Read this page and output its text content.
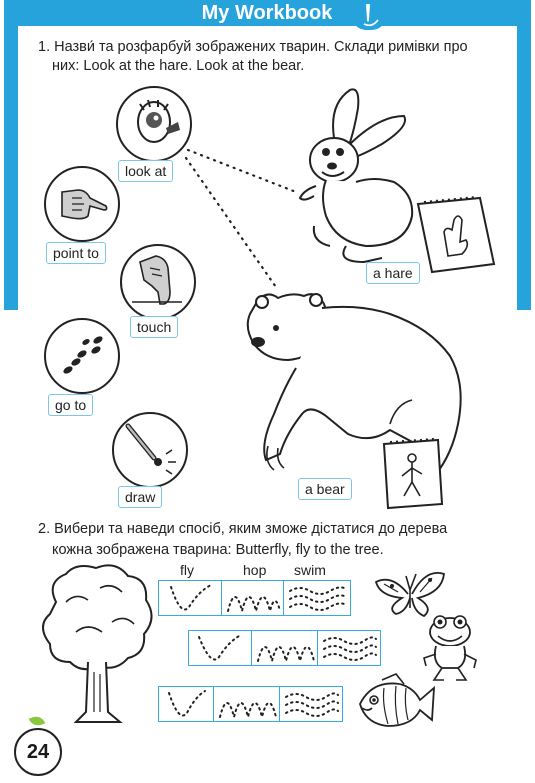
My Workbook
1. Назви́ та розфарбуй зображених тварин. Склади римівки про
них: Look at the hare. Look at the bear.
look at
point to
touch
go to
draw
a hare
a bear
2. Вибери та наведи спосіб, яким зможе дістатися до дерева
кожна зображена тварина: Butterfly, fly to the tree.
fly	hop swim
24
